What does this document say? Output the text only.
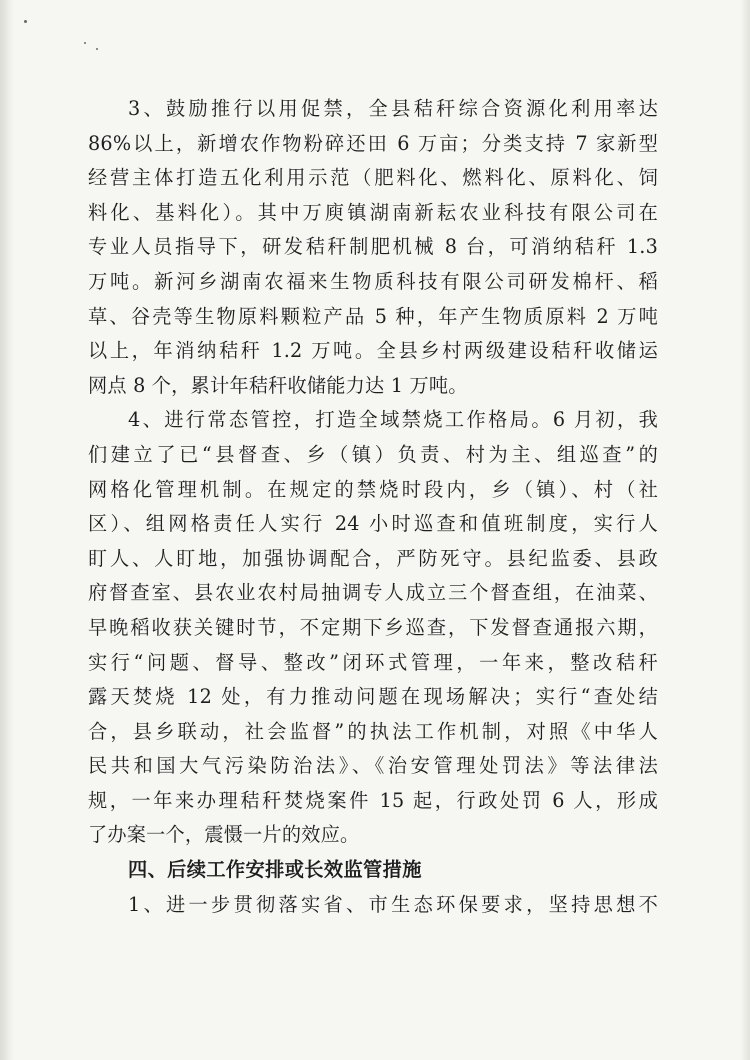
3、鼓励推行以用促禁，全县秸秆综合资源化利用率达
86%以上，新增农作物粉碎还田 6 万亩；分类支持 7 家新型
经营主体打造五化利用示范（肥料化、燃料化、原料化、饲
料化、基料化）。其中万庾镇湖南新耘农业科技有限公司在
专业人员指导下，研发秸秆制肥机械 8 台，可消纳秸秆 1.3
万吨。新河乡湖南农福来生物质科技有限公司研发棉杆、稻
草、谷壳等生物原料颗粒产品 5 种，年产生物质原料 2 万吨
以上，年消纳秸秆 1.2 万吨。全县乡村两级建设秸秆收储运
网点 8 个，累计年秸秆收储能力达 1 万吨。
4、进行常态管控，打造全域禁烧工作格局。6 月初，我
们建立了已“县督查、乡（镇）负责、村为主、组巡查”的
网格化管理机制。在规定的禁烧时段内，乡（镇）、村（社
区）、组网格责任人实行 24 小时巡查和值班制度，实行人
盯人、人盯地，加强协调配合，严防死守。县纪监委、县政
府督查室、县农业农村局抽调专人成立三个督查组，在油菜、
早晚稻收获关键时节，不定期下乡巡查，下发督查通报六期，
实行“问题、督导、整改”闭环式管理，一年来，整改秸秆
露天焚烧 12 处，有力推动问题在现场解决；实行“查处结
合，县乡联动，社会监督”的执法工作机制，对照《中华人
民共和国大气污染防治法》、《治安管理处罚法》等法律法
规，一年来办理秸秆焚烧案件 15 起，行政处罚 6 人，形成
了办案一个，震慑一片的效应。
四、后续工作安排或长效监管措施
1、进一步贯彻落实省、市生态环保要求，坚持思想不
